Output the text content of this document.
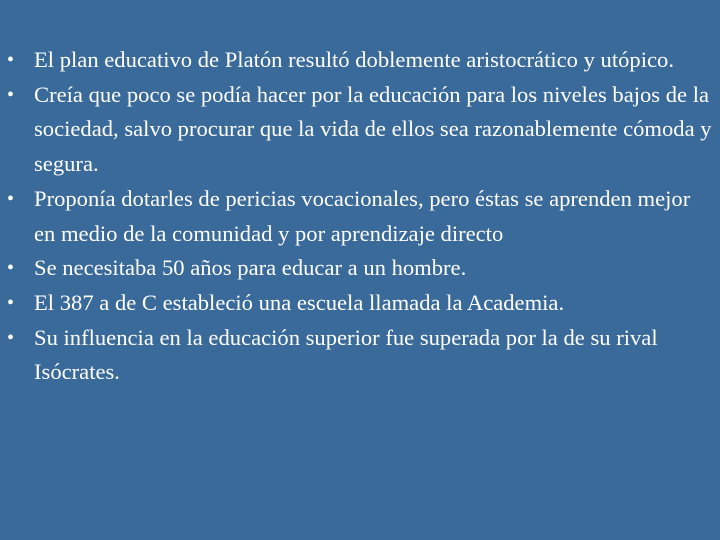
• El plan educativo de Platón resultó doblemente aristocrático y utópico.
• Creía que poco se podía hacer por la educación para los niveles bajos de la sociedad, salvo procurar que la vida de ellos sea razonablemente cómoda y segura.
• Proponía dotarles de pericias vocacionales, pero éstas se aprenden mejor en medio de la comunidad y por aprendizaje directo
• Se necesitaba 50 años para educar a un hombre.
• El 387 a de C estableció una escuela llamada la Academia.
• Su influencia en la educación superior fue superada por la de su rival Isócrates.
